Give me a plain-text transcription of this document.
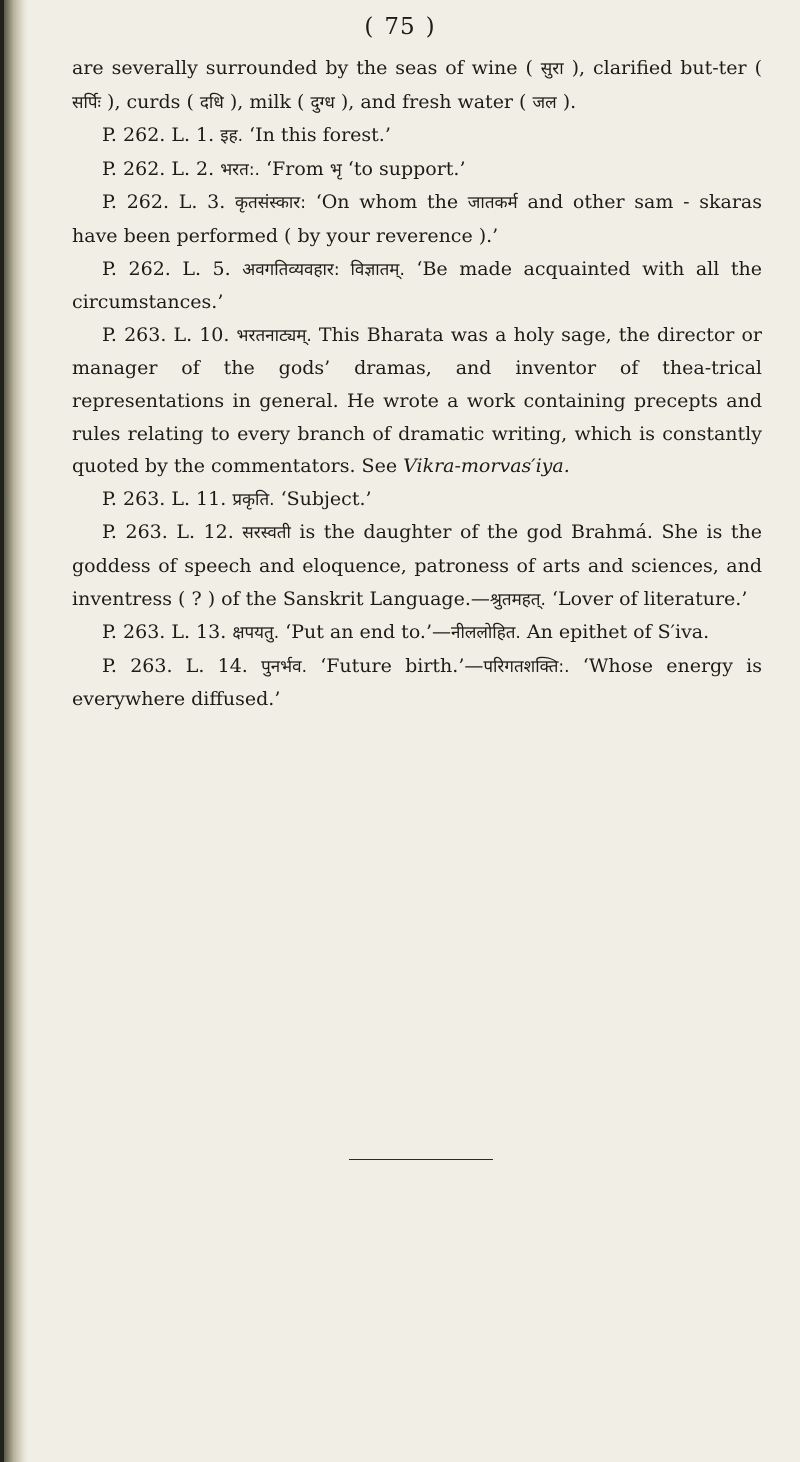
( 75 )

are severally surrounded by the seas of wine ( सुरा ), clarified but-ter ( सर्पिः ), curds ( दधि ), milk ( दुग्ध ), and fresh water ( जल ).

P. 262. L. 1. इह. ‘In this forest.’

P. 262. L. 2. भरत:. ‘From भृ ‘to support.’

P. 262. L. 3. कृतसंस्कार: ‘On whom the जातकर्म and other sam - skaras have been performed ( by your reverence ).’

P. 262. L. 5. अवगतिव्यवहार: विज्ञातम्. ‘Be made acquainted with all the circumstances.’

P. 263. L. 10. भरतनाट्यम्. This Bharata was a holy sage, the director or manager of the gods’ dramas, and inventor of thea-trical representations in general. He wrote a work containing precepts and rules relating to every branch of dramatic writing, which is constantly quoted by the commentators. See Vikra-morvas′iya.

P. 263. L. 11. प्रकृति. ‘Subject.’

P. 263. L. 12. सरस्वती is the daughter of the god Brahmá. She is the goddess of speech and eloquence, patroness of arts and sciences, and inventress ( ? ) of the Sanskrit Language.—श्रुतमहत्. ‘Lover of literature.’

P. 263. L. 13. क्षपयतु. ‘Put an end to.’—नीललोहित. An epithet of S′iva.

P. 263. L. 14. पुनर्भव. ‘Future birth.’—परिगतशक्ति:. ‘Whose energy is everywhere diffused.’
